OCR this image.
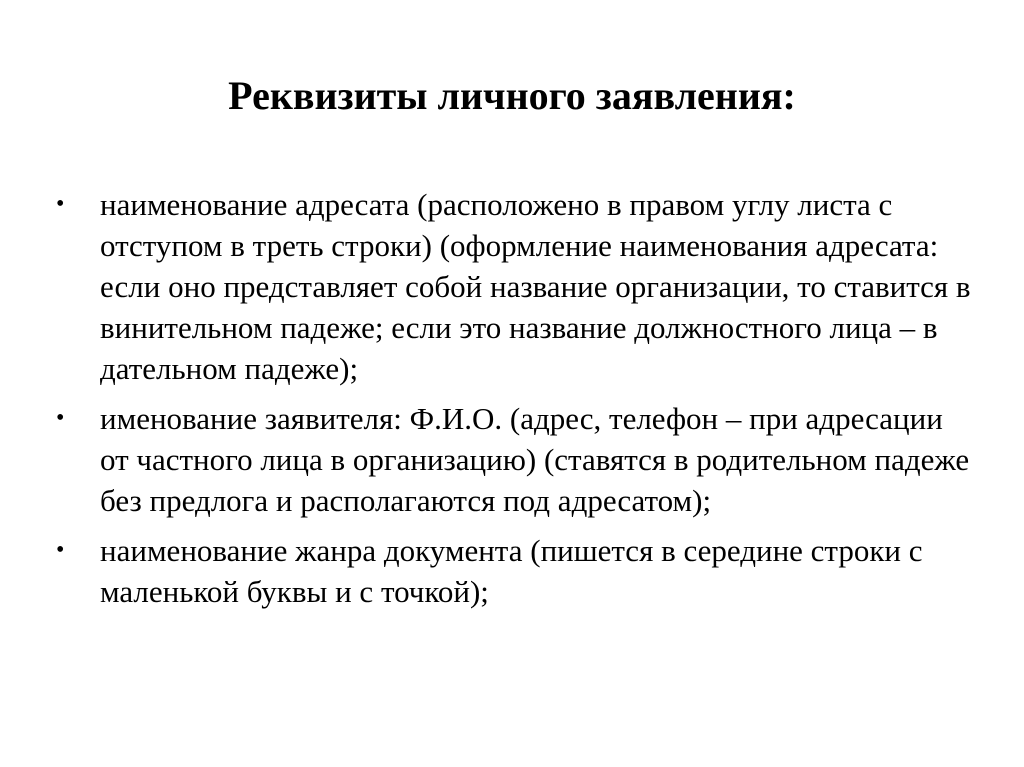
Реквизиты личного заявления:
•	наименование адресата (расположено в правом углу листа с отступом в треть строки) (оформление наименования адресата: если оно представляет собой название организации, то ставится в винительном падеже; если это название должностного лица – в дательном падеже);
•	именование заявителя: Ф.И.О. (адрес, телефон – при адресации от частного лица в организацию) (ставятся в родительном падеже без предлога и располагаются под адресатом);
•	наименование жанра документа (пишется в середине строки с маленькой буквы и с точкой);
